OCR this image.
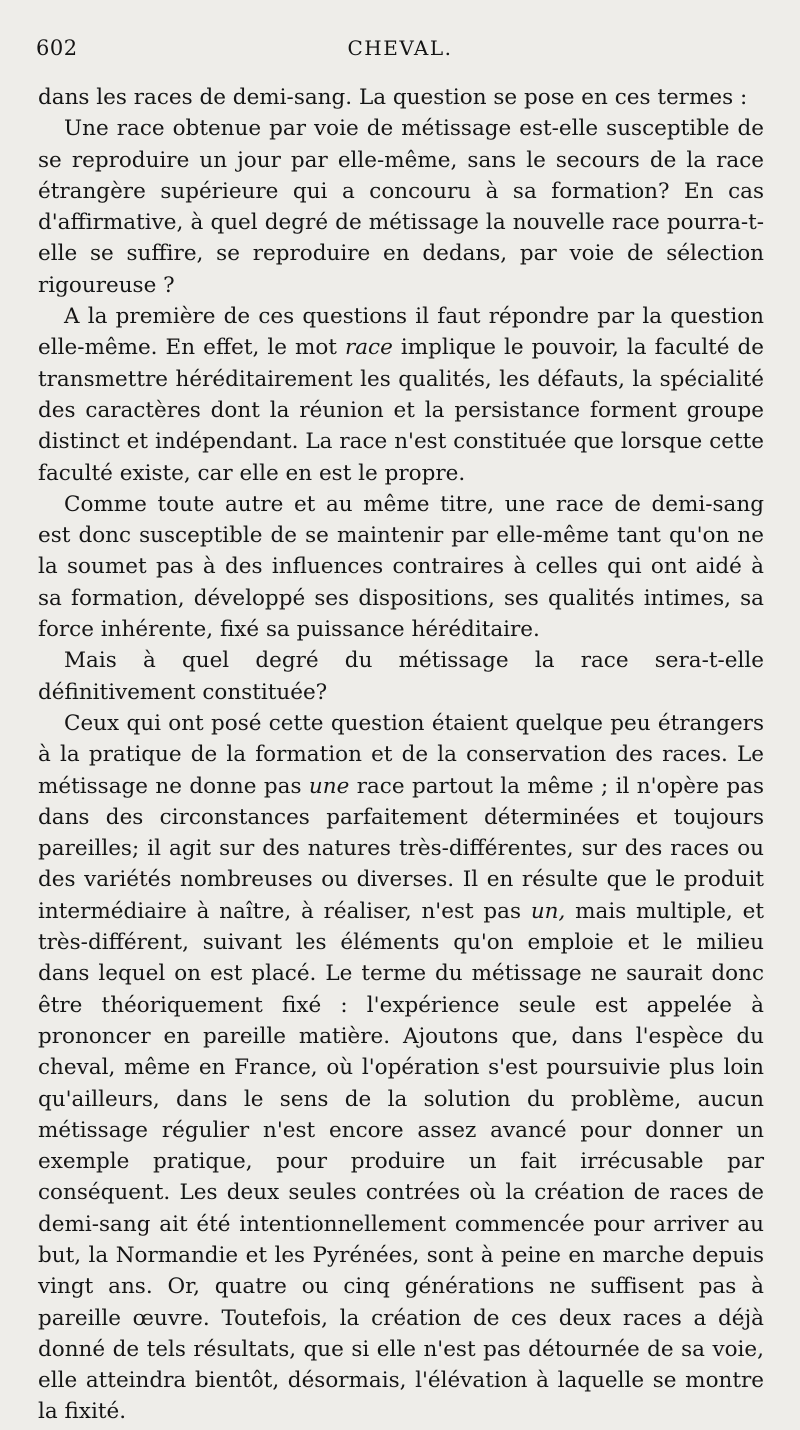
602	CHEVAL.

dans les races de demi-sang. La question se pose en ces termes :

Une race obtenue par voie de métissage est-elle susceptible de se reproduire un jour par elle-même, sans le secours de la race étrangère supérieure qui a concouru à sa formation? En cas d'affirmative, à quel degré de métissage la nouvelle race pourra-t-elle se suffire, se reproduire en dedans, par voie de sélection rigoureuse ?

A la première de ces questions il faut répondre par la question elle-même. En effet, le mot race implique le pouvoir, la faculté de transmettre héréditairement les qualités, les défauts, la spécialité des caractères dont la réunion et la persistance forment groupe distinct et indépendant. La race n'est constituée que lorsque cette faculté existe, car elle en est le propre.

Comme toute autre et au même titre, une race de demi-sang est donc susceptible de se maintenir par elle-même tant qu'on ne la soumet pas à des influences contraires à celles qui ont aidé à sa formation, développé ses dispositions, ses qualités intimes, sa force inhérente, fixé sa puissance héréditaire.

Mais à quel degré du métissage la race sera-t-elle définitivement constituée?

Ceux qui ont posé cette question étaient quelque peu étrangers à la pratique de la formation et de la conservation des races. Le métissage ne donne pas une race partout la même ; il n'opère pas dans des circonstances parfaitement déterminées et toujours pareilles; il agit sur des natures très-différentes, sur des races ou des variétés nombreuses ou diverses. Il en résulte que le produit intermédiaire à naître, à réaliser, n'est pas un, mais multiple, et très-différent, suivant les éléments qu'on emploie et le milieu dans lequel on est placé. Le terme du métissage ne saurait donc être théoriquement fixé : l'expérience seule est appelée à prononcer en pareille matière. Ajoutons que, dans l'espèce du cheval, même en France, où l'opération s'est poursuivie plus loin qu'ailleurs, dans le sens de la solution du problème, aucun métissage régulier n'est encore assez avancé pour donner un exemple pratique, pour produire un fait irrécusable par conséquent. Les deux seules contrées où la création de races de demi-sang ait été intentionnellement commencée pour arriver au but, la Normandie et les Pyrénées, sont à peine en marche depuis vingt ans. Or, quatre ou cinq générations ne suffisent pas à pareille œuvre. Toutefois, la création de ces deux races a déjà donné de tels résultats, que si elle n'est pas détournée de sa voie, elle atteindra bientôt, désormais, l'élévation à laquelle se montre la fixité.
